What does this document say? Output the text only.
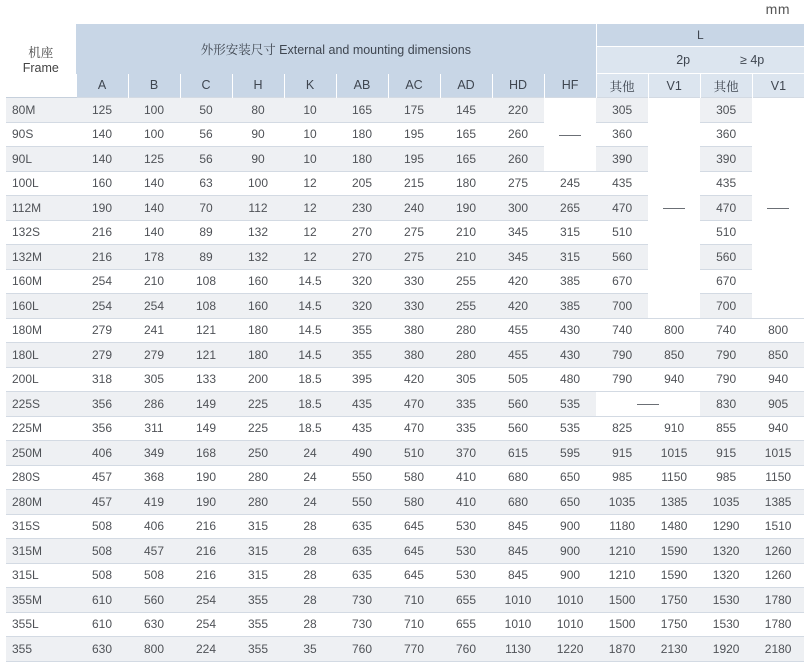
mm
机座
Frame	外形安装尺寸 External and mounting dimensions										L			
											2p		≥ 4p	
	A	B	C	H	K	AB	AC	AD	HD	HF	其他	V1	其他	V1
80M	125	100	50	80	10	165	175	145	220		305		305	
90S	140	100	56	90	10	180	195	165	260		360		360	
90L	140	125	56	90	10	180	195	165	260		390		390	
100L	160	140	63	100	12	205	215	180	275	245	435		435	
112M	190	140	70	112	12	230	240	190	300	265	470		470	
132S	216	140	89	132	12	270	275	210	345	315	510		510	
132M	216	178	89	132	12	270	275	210	345	315	560		560	
160M	254	210	108	160	14.5	320	330	255	420	385	670		670	
160L	254	254	108	160	14.5	320	330	255	420	385	700		700	
180M	279	241	121	180	14.5	355	380	280	455	430	740	800	740	800
180L	279	279	121	180	14.5	355	380	280	455	430	790	850	790	850
200L	318	305	133	200	18.5	395	420	305	505	480	790	940	790	940
225S	356	286	149	225	18.5	435	470	335	560	535			830	905
225M	356	311	149	225	18.5	435	470	335	560	535	825	910	855	940
250M	406	349	168	250	24	490	510	370	615	595	915	1015	915	1015
280S	457	368	190	280	24	550	580	410	680	650	985	1150	985	1150
280M	457	419	190	280	24	550	580	410	680	650	1035	1385	1035	1385
315S	508	406	216	315	28	635	645	530	845	900	1180	1480	1290	1510
315M	508	457	216	315	28	635	645	530	845	900	1210	1590	1320	1260
315L	508	508	216	315	28	635	645	530	845	900	1210	1590	1320	1260
355M	610	560	254	355	28	730	710	655	1010	1010	1500	1750	1530	1780
355L	610	630	254	355	28	730	710	655	1010	1010	1500	1750	1530	1780
355	630	800	224	355	35	760	770	760	1130	1220	1870	2130	1920	2180
